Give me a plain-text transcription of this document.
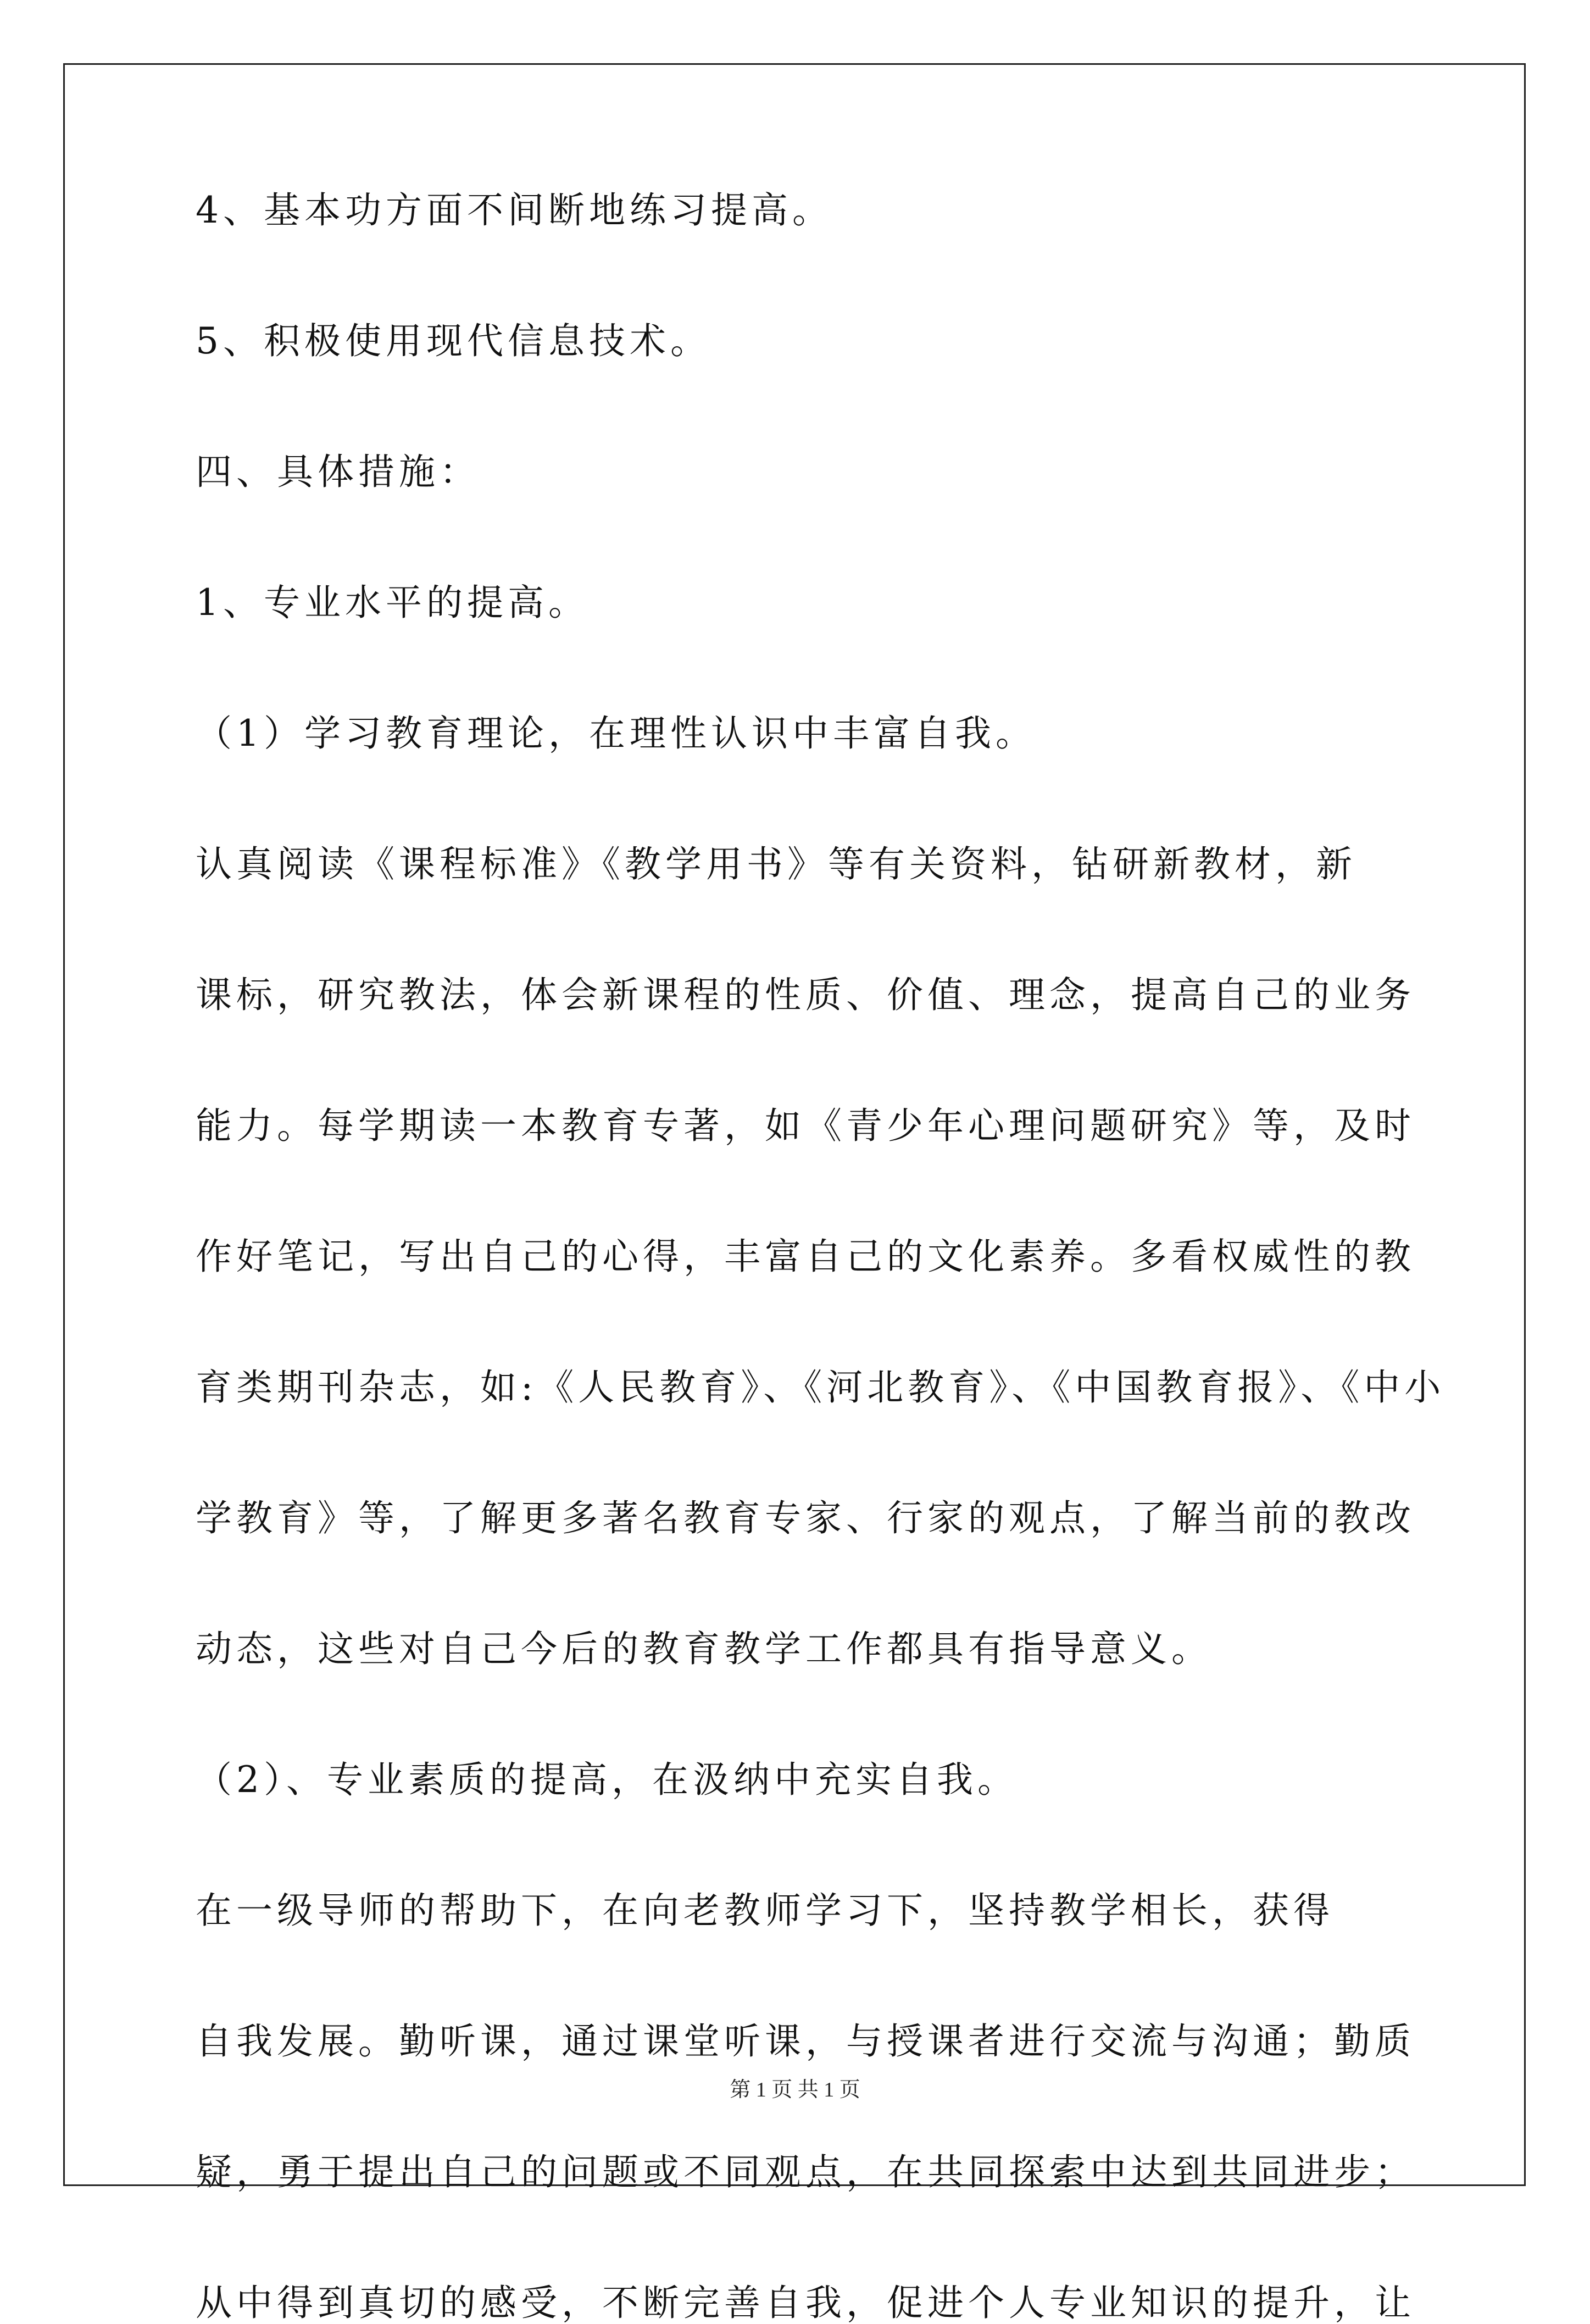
4、基本功方面不间断地练习提高。

5、积极使用现代信息技术。

四、具体措施：

1、专业水平的提高。

（1）学习教育理论，在理性认识中丰富自我。

认真阅读《课程标准》《教学用书》等有关资料，钻研新教材，新

课标，研究教法，体会新课程的性质、价值、理念，提高自己的业务

能力。每学期读一本教育专著，如《青少年心理问题研究》等，及时

作好笔记，写出自己的心得，丰富自己的文化素养。多看权威性的教

育类期刊杂志，如:《人民教育》、《河北教育》、《中国教育报》、《中小

学教育》等，了解更多著名教育专家、行家的观点，了解当前的教改

动态，这些对自己今后的教育教学工作都具有指导意义。

（2）、专业素质的提高，在汲纳中充实自我。

在一级导师的帮助下，在向老教师学习下，坚持教学相长，获得

自我发展。勤听课，通过课堂听课，与授课者进行交流与沟通；勤质

疑，勇于提出自己的问题或不同观点，在共同探索中达到共同进步；

从中得到真切的感受，不断完善自我，促进个人专业知识的提升，让

第 1 页 共 1 页
